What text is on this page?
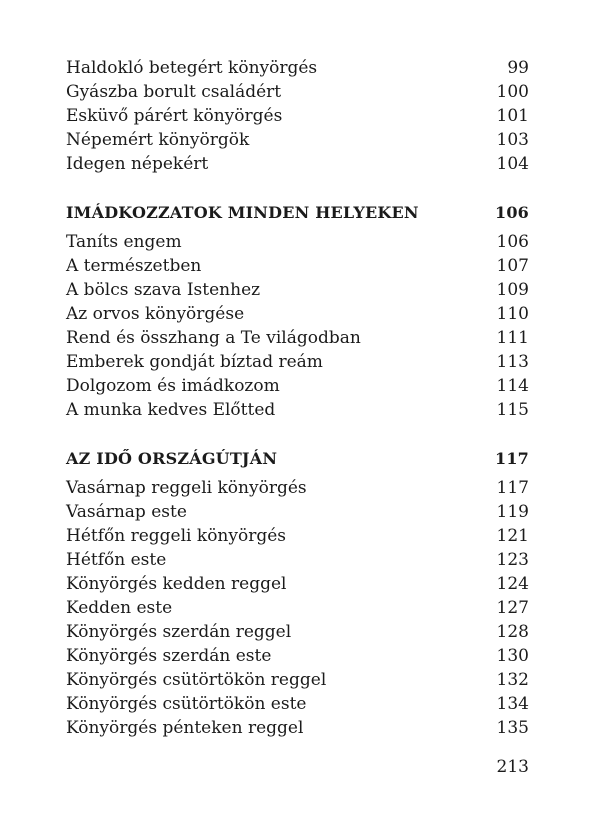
Haldokló betegért könyörgés	99
Gyászba borult családért	100
Esküvő párért könyörgés	101
Népemért könyörgök	103
Idegen népekért	104
IMÁDKOZZATOK MINDEN HELYEKEN	106
Taníts engem	106
A természetben	107
A bölcs szava Istenhez	109
Az orvos könyörgése	110
Rend és összhang a Te világodban	111
Emberek gondját bíztad reám	113
Dolgozom és imádkozom	114
A munka kedves Előtted	115
AZ IDŐ ORSZÁGÚTJÁN	117
Vasárnap reggeli könyörgés	117
Vasárnap este	119
Hétfőn reggeli könyörgés	121
Hétfőn este	123
Könyörgés kedden reggel	124
Kedden este	127
Könyörgés szerdán reggel	128
Könyörgés szerdán este	130
Könyörgés csütörtökön reggel	132
Könyörgés csütörtökön este	134
Könyörgés pénteken reggel	135
213
